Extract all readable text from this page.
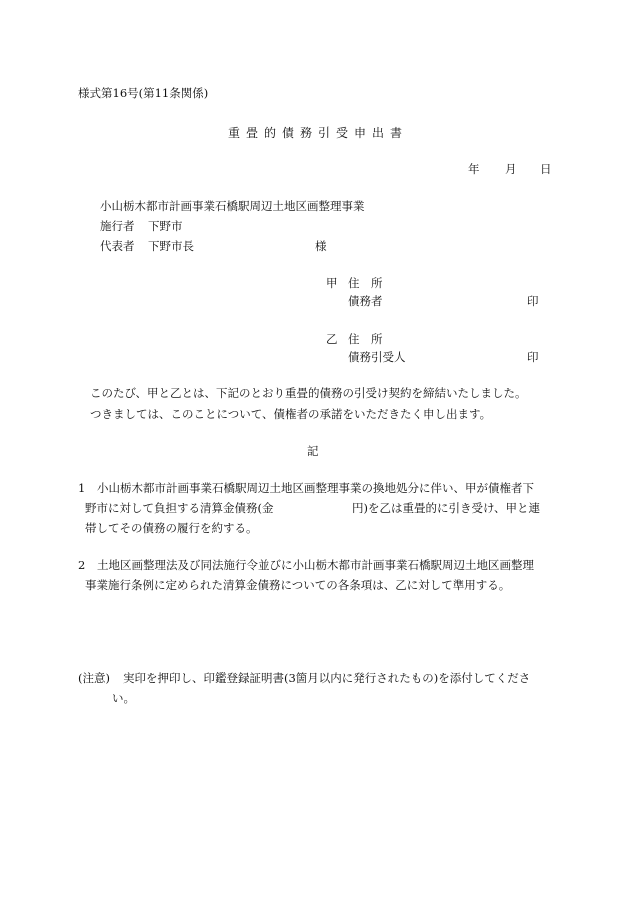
様式第16号(第11条関係)
重畳的債務引受申出書
年 月 日
小山栃木都市計画事業石橋駅周辺土地区画整理事業
施行者 下野市
代表者 下野市長	様
甲 住　所
債務者	印
乙 住　所
債務引受人	印
このたび、甲と乙とは、下記のとおり重畳的債務の引受け契約を締結いたしました。
つきましては、このことについて、債権者の承諾をいただきたく申し出ます。
記
1 小山栃木都市計画事業石橋駅周辺土地区画整理事業の換地処分に伴い、甲が債権者下
野市に対して負担する清算金債務(金	円)を乙は重畳的に引き受け、甲と連
帯してその債務の履行を約する。
2 土地区画整理法及び同法施行令並びに小山栃木都市計画事業石橋駅周辺土地区画整理
事業施行条例に定められた清算金債務についての各条項は、乙に対して準用する。
(注意) 実印を押印し、印鑑登録証明書(3箇月以内に発行されたもの)を添付してくださ
い。
